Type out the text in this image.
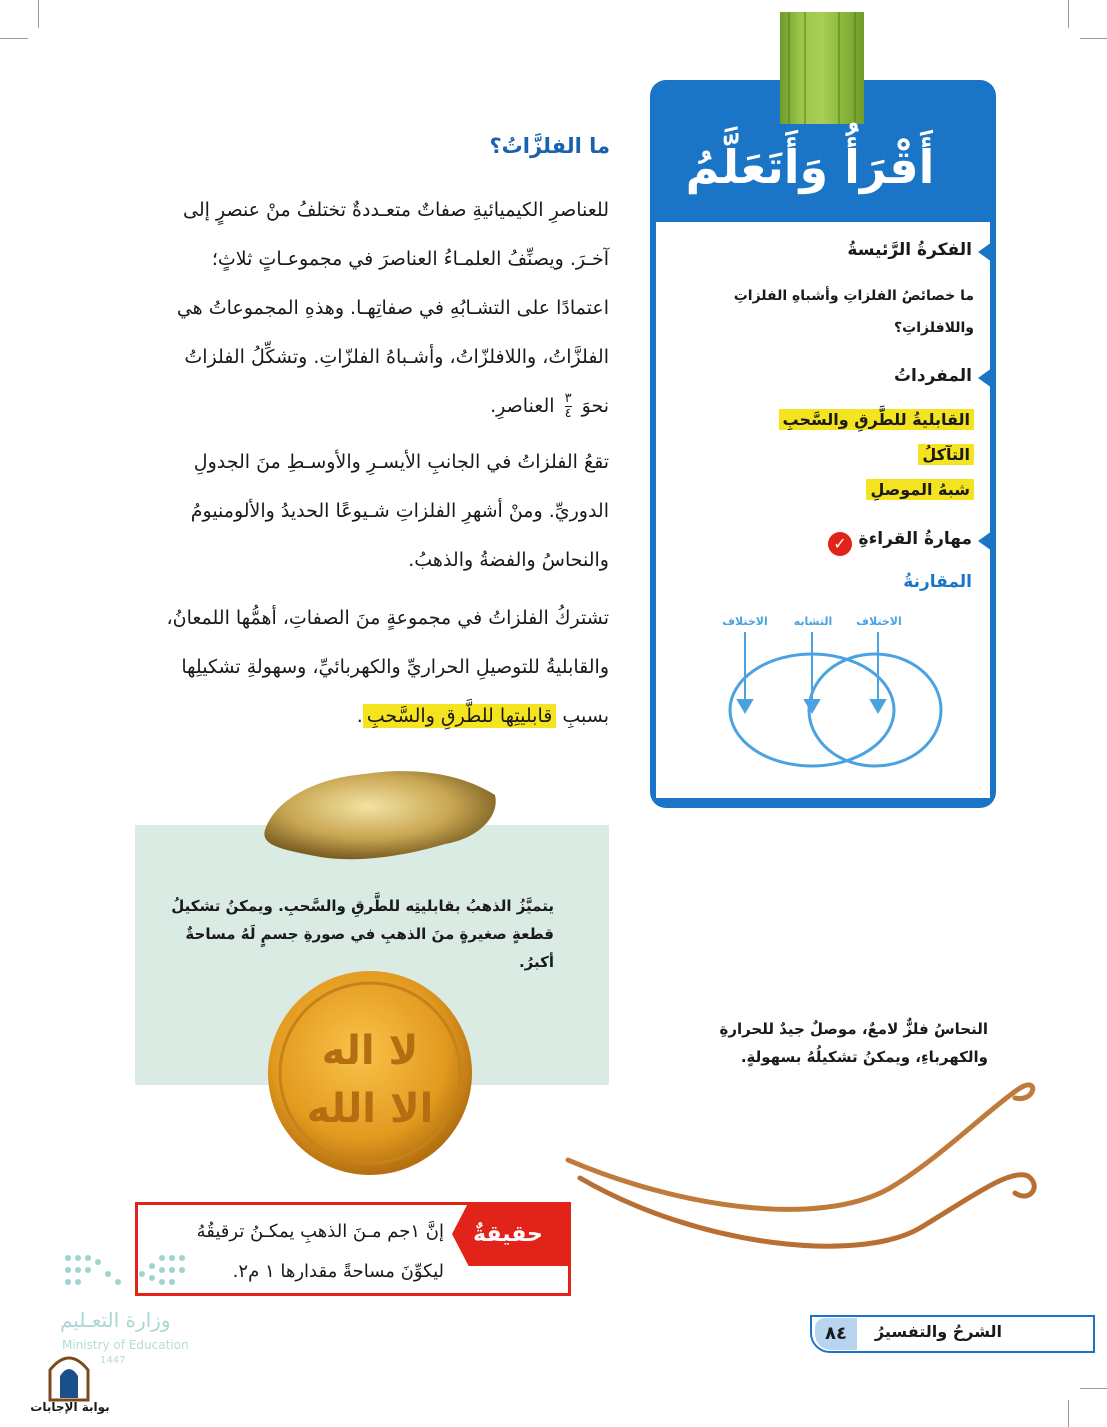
أَقْرَأُ وَأَتَعَلَّمُ
الفكرةُ الرَّئيسةُ
ما خصائصُ الفلزاتِ وأشباهِ الفلزاتِ
واللافلزاتِ؟
المفرداتُ
القابليةُ للطَّرقِ والسَّحبِ
التآكلُ
شبهُ الموصلِ
مهارةُ القراءةِ
✓
المقارنةُ
الاختلاف	التشابه	الاختلاف
ما الفلزَّاتُ؟
للعناصرِ الكيميائيةِ صفاتٌ متعـددةٌ تختلفُ منْ عنصرٍ إلى
آخـرَ. ويصنِّفُ العلمـاءُ العناصرَ في مجموعـاتٍ ثلاثٍ؛
اعتمادًا على التشـابُهِ في صفاتِهـا. وهذهِ المجموعاتُ هي
الفلزَّاتُ، واللافلزّاتُ، وأشـباهُ الفلزّاتِ. وتشكِّلُ الفلزاتُ
نحوَ
٣
٤
العناصرِ.
تقعُ الفلزاتُ في الجانبِ الأيسـرِ والأوسـطِ منَ الجدولِ
الدوريِّ. ومنْ أشهرِ الفلزاتِ شـيوعًا الحديدُ والألومنيومُ
والنحاسُ والفضةُ والذهبُ.
تشتركُ الفلزاتُ في مجموعةٍ منَ الصفاتِ، أهمُّها اللمعانُ،
والقابليةُ للتوصيلِ الحراريِّ والكهربائيِّ، وسهولةِ تشكيلِها
بسببِ قابليتِها للطَّرقِ والسَّحبِ.
يتميَّزُ الذهبُ بقابليتِه للطَّرقِ والسَّحبِ. ويمكنُ تشكيلُ
قطعةٍ صغيرةٍ منَ الذهبِ في صورةِ جسمٍ لَهُ مساحةٌ أكبرُ.
لا اله
الا الله
النحاسُ فلزٌّ لامعٌ، موصلٌ جيدٌ للحرارةِ
والكهرباءِ، ويمكنُ تشكيلُهُ بسهولةٍ.
حقيقةٌ
إنَّ ١جم مـنَ الذهبِ يمكـنُ ترقيقُهُ
ليكوِّنَ مساحةً مقدارها ١ م٢.
الشرحُ والتفسيرُ
٨٤
وزارة التعـليم
Ministry of Education
1447
بوابة الإجابات
